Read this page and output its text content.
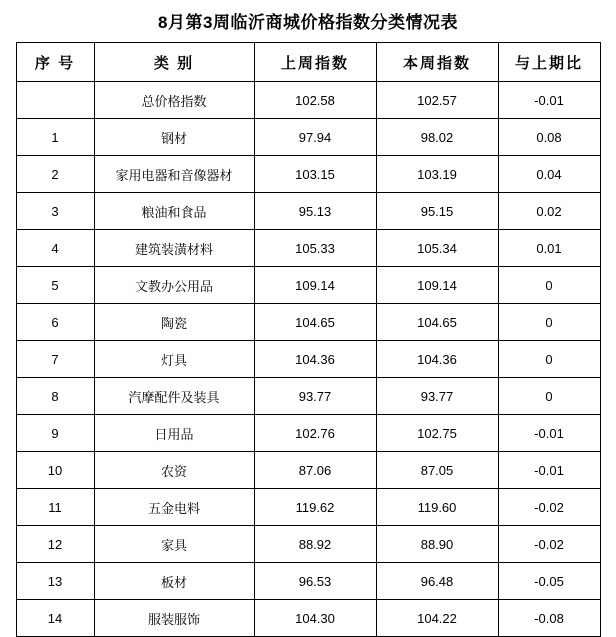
8月第3周临沂商城价格指数分类情况表
序 号	类 别	上周指数	本周指数	与上期比
	总价格指数	102.58	102.57	-0.01
1	钢材	97.94	98.02	0.08
2	家用电器和音像器材	103.15	103.19	0.04
3	粮油和食品	95.13	95.15	0.02
4	建筑装潢材料	105.33	105.34	0.01
5	文教办公用品	109.14	109.14	0
6	陶瓷	104.65	104.65	0
7	灯具	104.36	104.36	0
8	汽摩配件及装具	93.77	93.77	0
9	日用品	102.76	102.75	-0.01
10	农资	87.06	87.05	-0.01
11	五金电料	119.62	119.60	-0.02
12	家具	88.92	88.90	-0.02
13	板材	96.53	96.48	-0.05
14	服装服饰	104.30	104.22	-0.08
